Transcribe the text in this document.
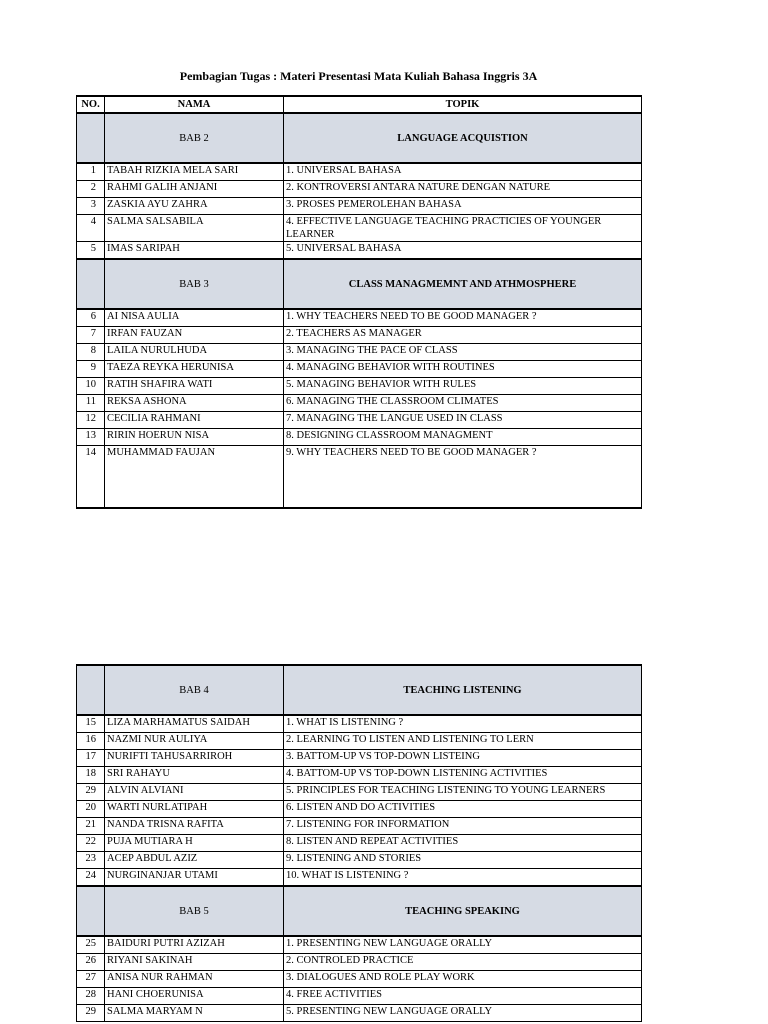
Pembagian Tugas : Materi Presentasi Mata Kuliah Bahasa Inggris 3A
NO.	NAMA	TOPIK
	BAB 2	LANGUAGE ACQUISTION
1	TABAH RIZKIA MELA SARI	1. UNIVERSAL BAHASA
2	RAHMI GALIH ANJANI	2. KONTROVERSI ANTARA NATURE DENGAN NATURE
3	ZASKIA AYU ZAHRA	3. PROSES PEMEROLEHAN BAHASA
4	SALMA SALSABILA	4. EFFECTIVE LANGUAGE TEACHING PRACTICIES OF YOUNGER LEARNER
5	IMAS SARIPAH	5. UNIVERSAL BAHASA
	BAB 3	CLASS MANAGMEMNT AND ATHMOSPHERE
6	AI NISA AULIA	1. WHY TEACHERS NEED TO BE GOOD MANAGER ?
7	IRFAN FAUZAN	2. TEACHERS AS MANAGER
8	LAILA NURULHUDA	3. MANAGING THE PACE OF CLASS
9	TAEZA REYKA HERUNISA	4. MANAGING BEHAVIOR WITH ROUTINES
10	RATIH SHAFIRA WATI	5. MANAGING BEHAVIOR WITH RULES
11	REKSA ASHONA	6. MANAGING THE CLASSROOM CLIMATES
12	CECILIA RAHMANI	7. MANAGING THE LANGUE USED IN CLASS
13	RIRIN HOERUN NISA	8. DESIGNING CLASSROOM MANAGMENT
14	MUHAMMAD FAUJAN	9. WHY TEACHERS NEED TO BE GOOD MANAGER ?
	BAB 4	TEACHING LISTENING
15	LIZA MARHAMATUS SAIDAH	1. WHAT IS LISTENING ?
16	NAZMI NUR AULIYA	2. LEARNING TO LISTEN AND LISTENING TO LERN
17	NURIFTI TAHUSARRIROH	3. BATTOM-UP VS TOP-DOWN LISTEING
18	SRI RAHAYU	4. BATTOM-UP VS TOP-DOWN LISTENING ACTIVITIES
29	ALVIN ALVIANI	5. PRINCIPLES FOR TEACHING LISTENING TO YOUNG LEARNERS
20	WARTI NURLATIPAH	6. LISTEN AND DO ACTIVITIES
21	NANDA TRISNA RAFITA	7. LISTENING FOR INFORMATION
22	PUJA MUTIARA H	8. LISTEN AND REPEAT ACTIVITIES
23	ACEP ABDUL AZIZ	9. LISTENING AND STORIES
24	NURGINANJAR UTAMI	10. WHAT IS LISTENING ?
	BAB 5	TEACHING SPEAKING
25	BAIDURI PUTRI AZIZAH	1. PRESENTING NEW LANGUAGE ORALLY
26	RIYANI SAKINAH	2. CONTROLED PRACTICE
27	ANISA NUR RAHMAN	3. DIALOGUES AND ROLE PLAY WORK
28	HANI CHOERUNISA	4. FREE ACTIVITIES
29	SALMA MARYAM N	5. PRESENTING NEW LANGUAGE ORALLY
